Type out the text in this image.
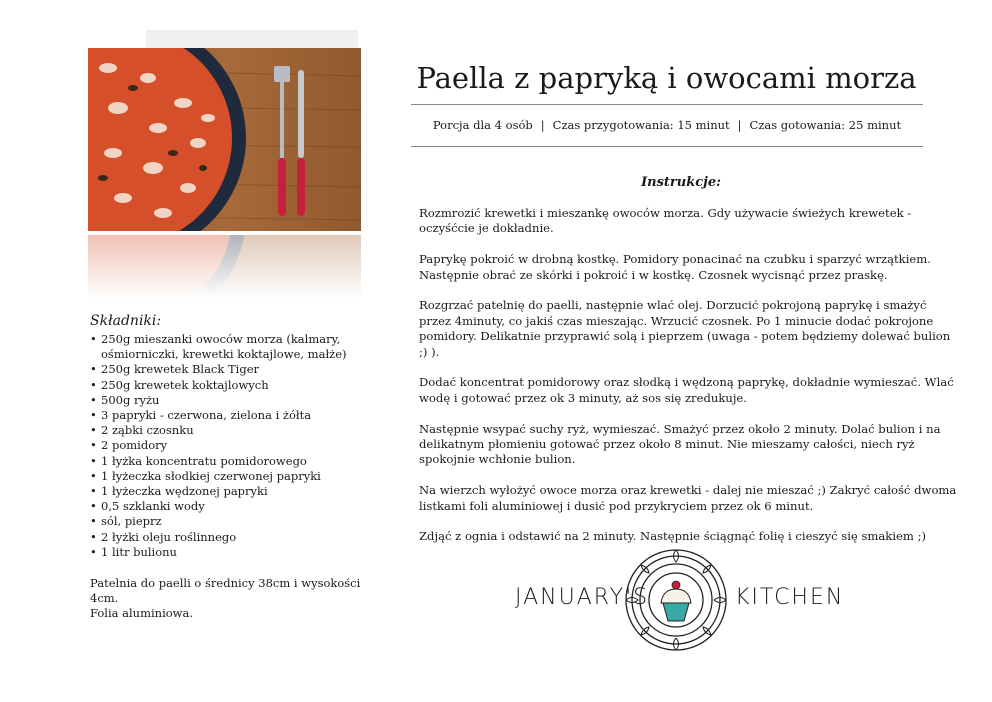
Składniki:
• 250g mieszanki owoców morza (kalmary, ośmiorniczki, krewetki koktajlowe, małże)
• 250g krewetek Black Tiger
• 250g krewetek koktajlowych
• 500g ryżu
• 3 papryki - czerwona, zielona i żółta
• 2 ząbki czosnku
• 2 pomidory
• 1 łyżka koncentratu pomidorowego
• 1 łyżeczka słodkiej czerwonej papryki
• 1 łyżeczka wędzonej papryki
• 0,5 szklanki wody
• sól, pieprz
• 2 łyżki oleju roślinnego
• 1 litr bulionu

Patelnia do paelli o średnicy 38cm i wysokości 4cm.

Folia aluminiowa.

Paella z papryką i owocami morza
Porcja dla 4 osób | Czas przygotowania: 15 minut | Czas gotowania: 25 minut
Instrukcje:

Rozmrozić krewetki i mieszankę owoców morza. Gdy używacie świeżych krewetek - oczyśćcie je dokładnie.

Paprykę pokroić w drobną kostkę. Pomidory ponacinać na czubku i sparzyć wrzątkiem. Następnie obrać ze skórki i pokroić i w kostkę. Czosnek wycisnąć przez praskę.

Rozgrzać patelnię do paelli, następnie wlać olej. Dorzucić pokrojoną paprykę i smażyć przez 4minuty, co jakiś czas mieszając. Wrzucić czosnek. Po 1 minucie dodać pokrojone pomidory. Delikatnie przyprawić solą i pieprzem (uwaga - potem będziemy dolewać bulion ;) ).

Dodać koncentrat pomidorowy oraz słodką i wędzoną paprykę, dokładnie wymieszać. Wlać wodę i gotować przez ok 3 minuty, aż sos się zredukuje.

Następnie wsypać suchy ryż, wymieszać. Smażyć przez około 2 minuty. Dolać bulion i na delikatnym płomieniu gotować przez około 8 minut. Nie mieszamy całości, niech ryż spokojnie wchłonie bulion.

Na wierzch wyłożyć owoce morza oraz krewetki - dalej nie mieszać ;) Zakryć całość dwoma listkami foli aluminiowej i dusić pod przykryciem przez ok 6 minut.

Zdjąć z ognia i odstawić na 2 minuty. Następnie ściągnąć folię i cieszyć się smakiem ;)

JANUARY'S	KITCHEN
